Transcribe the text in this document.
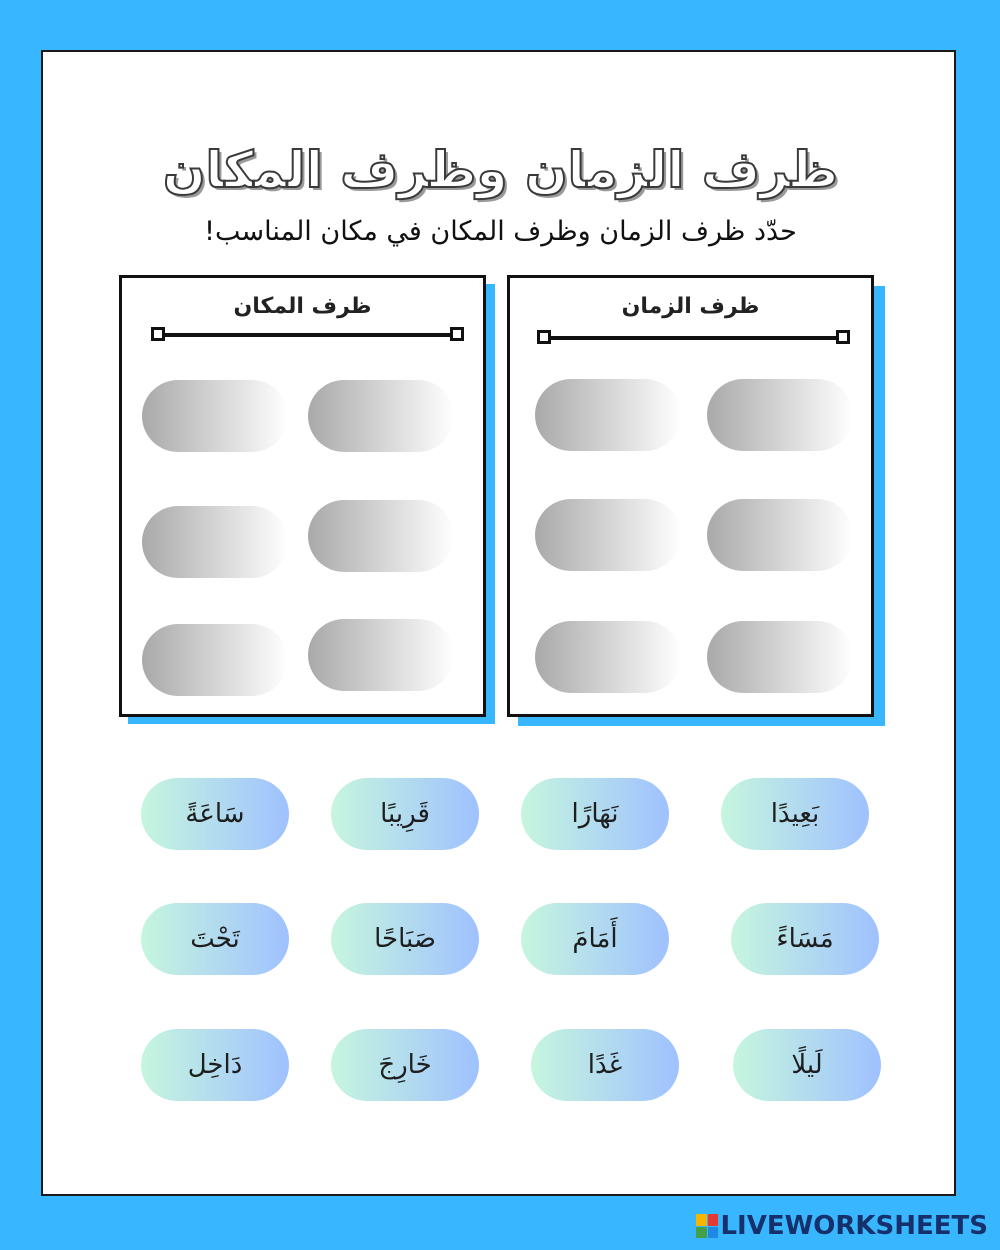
ظرف الزمان وظرف المكان
حدّد ظرف الزمان وظرف المكان في مكان المناسب!
ظرف المكان	ظرف الزمان
بَعِيدًا
نَهَارًا
قَرِيبًا
سَاعَةً
مَسَاءً
أَمَامَ
صَبَاحًا
تَحْتَ
لَيلًا
غَدًا
خَارِجَ
دَاخِل
LIVEWORKSHEETS
